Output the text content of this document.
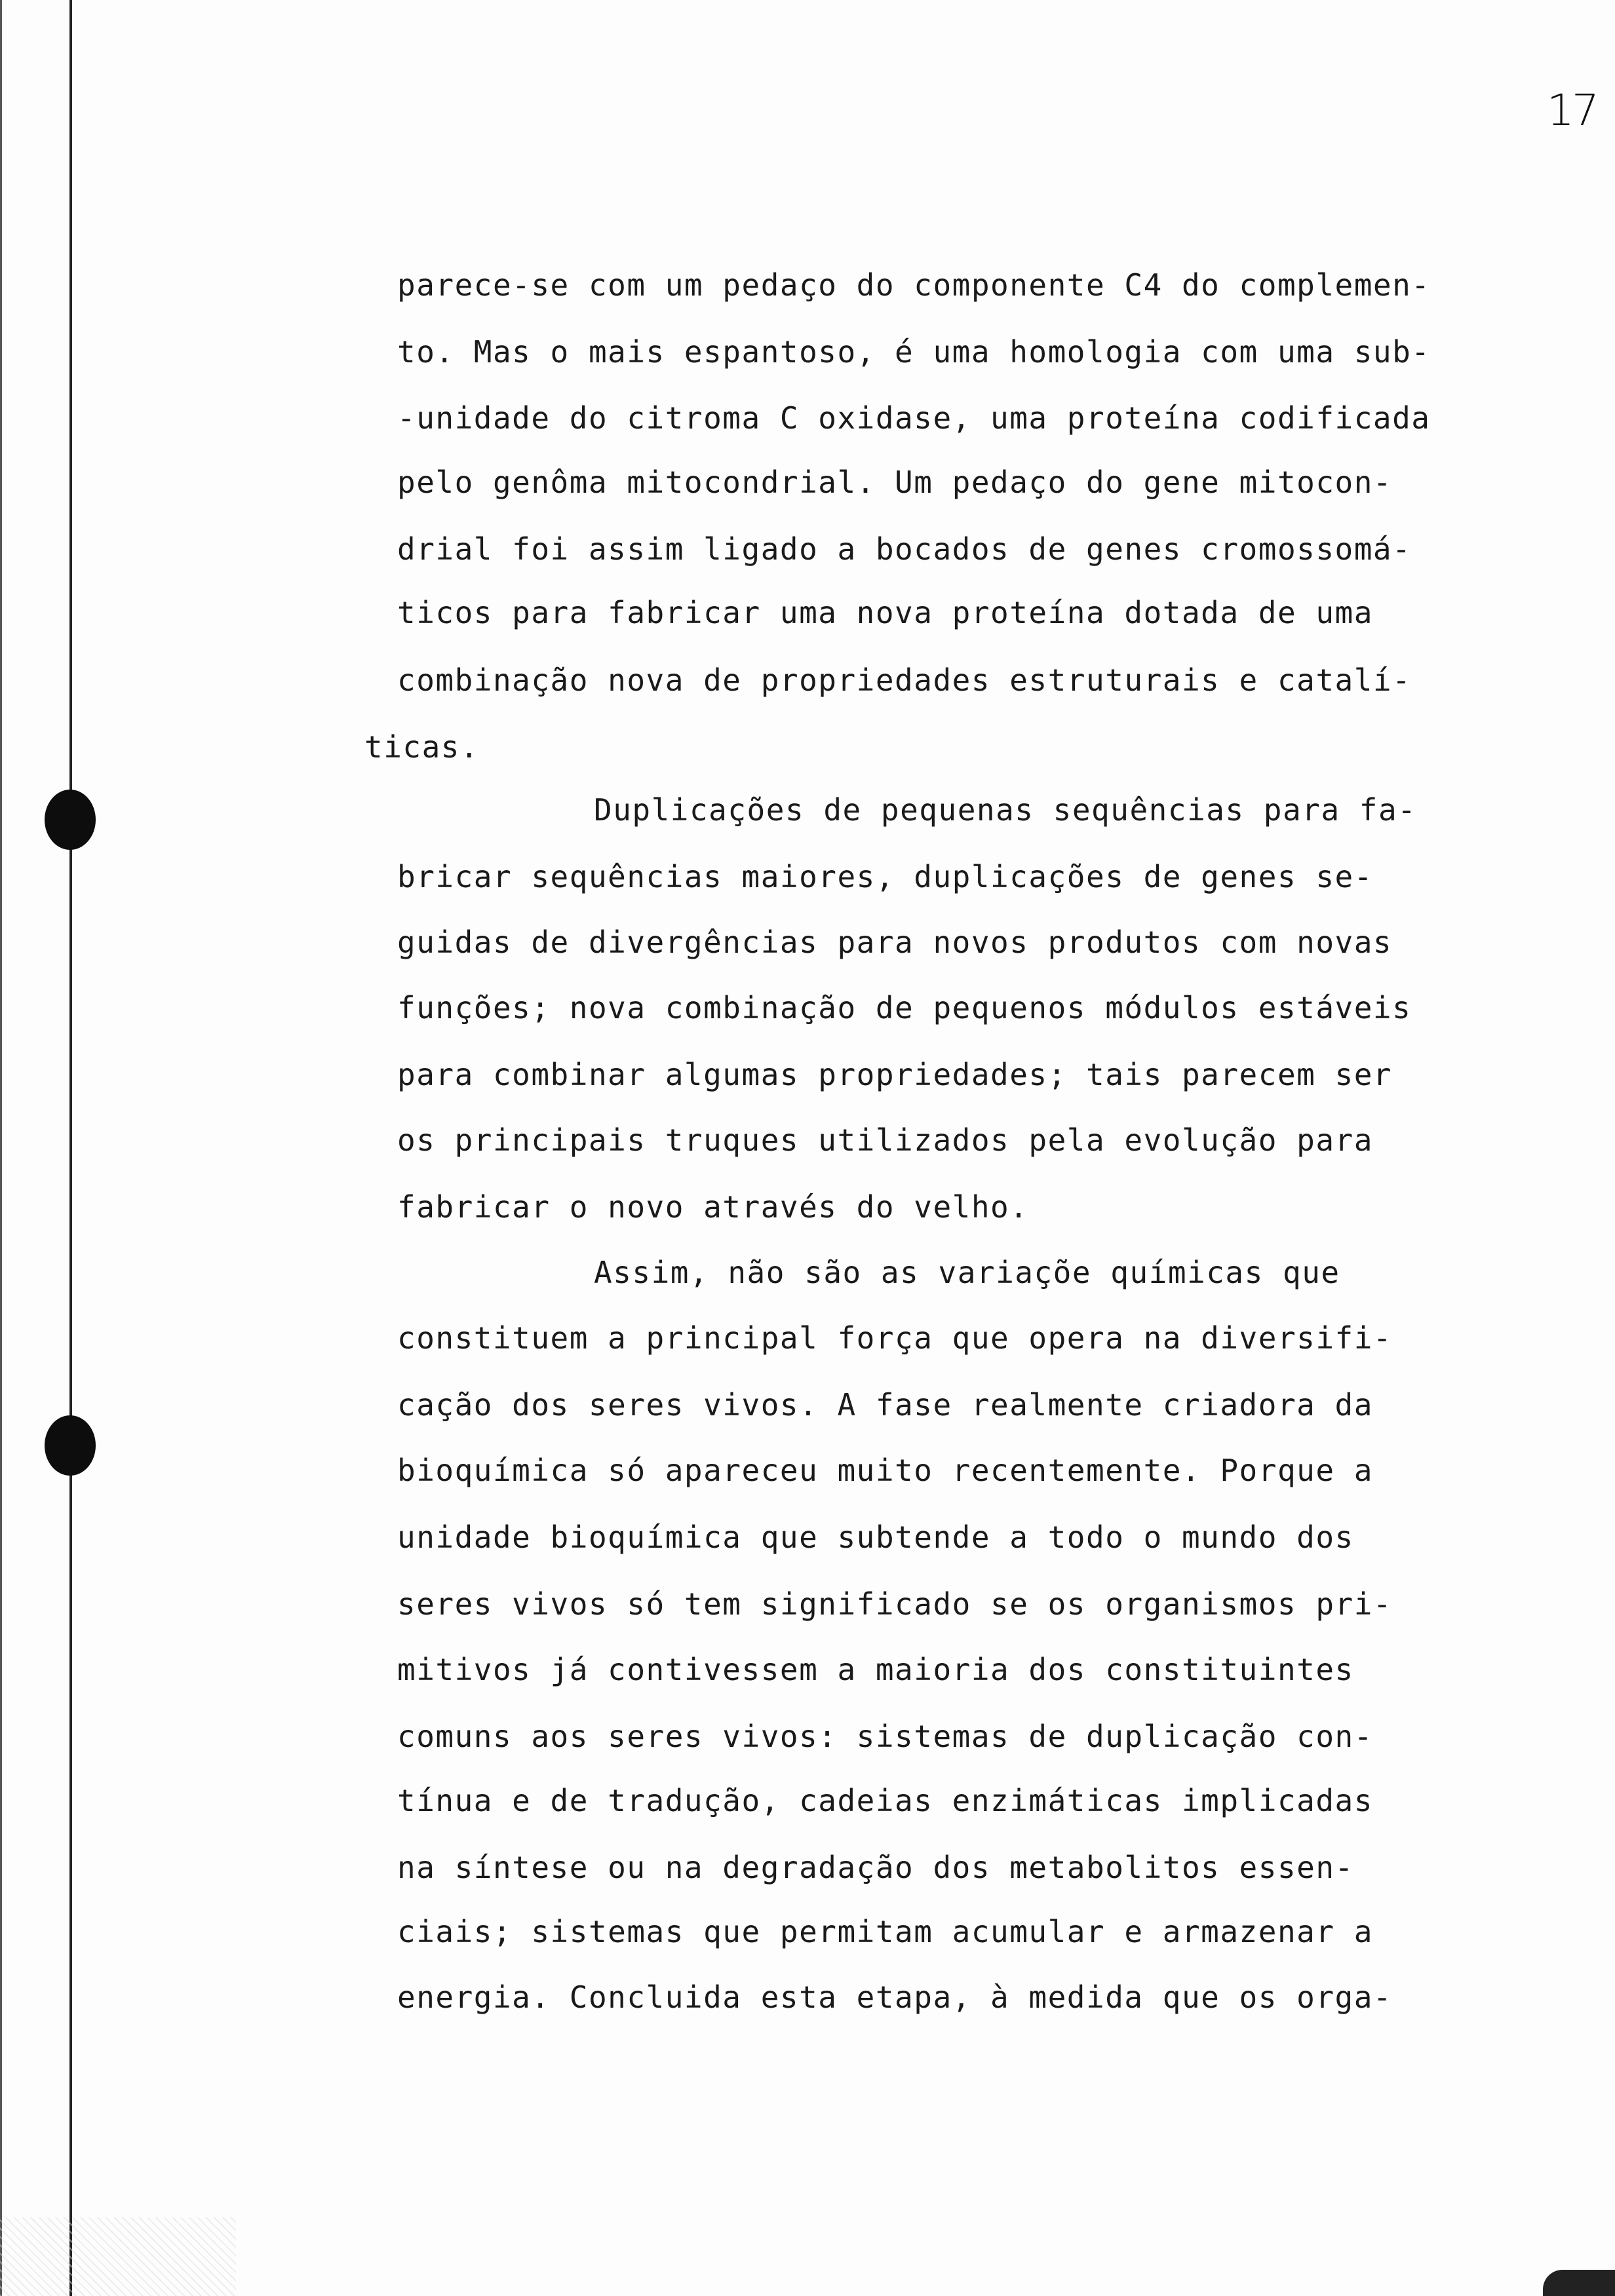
17
parece-se com um pedaço do componente C4 do complemen-
to. Mas o mais espantoso, é uma homologia com uma sub-
-unidade do citroma C oxidase, uma proteína codificada
pelo genôma mitocondrial. Um pedaço do gene mitocon-
drial foi assim ligado a bocados de genes cromossomá-
ticos para fabricar uma nova proteína dotada de uma
combinação nova de propriedades estruturais e catalí-
ticas.
Duplicações de pequenas sequências para fa-
bricar sequências maiores, duplicações de genes se-
guidas de divergências para novos produtos com novas
funções; nova combinação de pequenos módulos estáveis
para combinar algumas propriedades; tais parecem ser
os principais truques utilizados pela evolução para
fabricar o novo através do velho.
Assim, não são as variaçõe químicas que
constituem a principal força que opera na diversifi-
cação dos seres vivos. A fase realmente criadora da
bioquímica só apareceu muito recentemente. Porque a
unidade bioquímica que subtende a todo o mundo dos
seres vivos só tem significado se os organismos pri-
mitivos já contivessem a maioria dos constituintes
comuns aos seres vivos: sistemas de duplicação con-
tínua e de tradução, cadeias enzimáticas implicadas
na síntese ou na degradação dos metabolitos essen-
ciais; sistemas que permitam acumular e armazenar a
energia. Concluida esta etapa, à medida que os orga-
